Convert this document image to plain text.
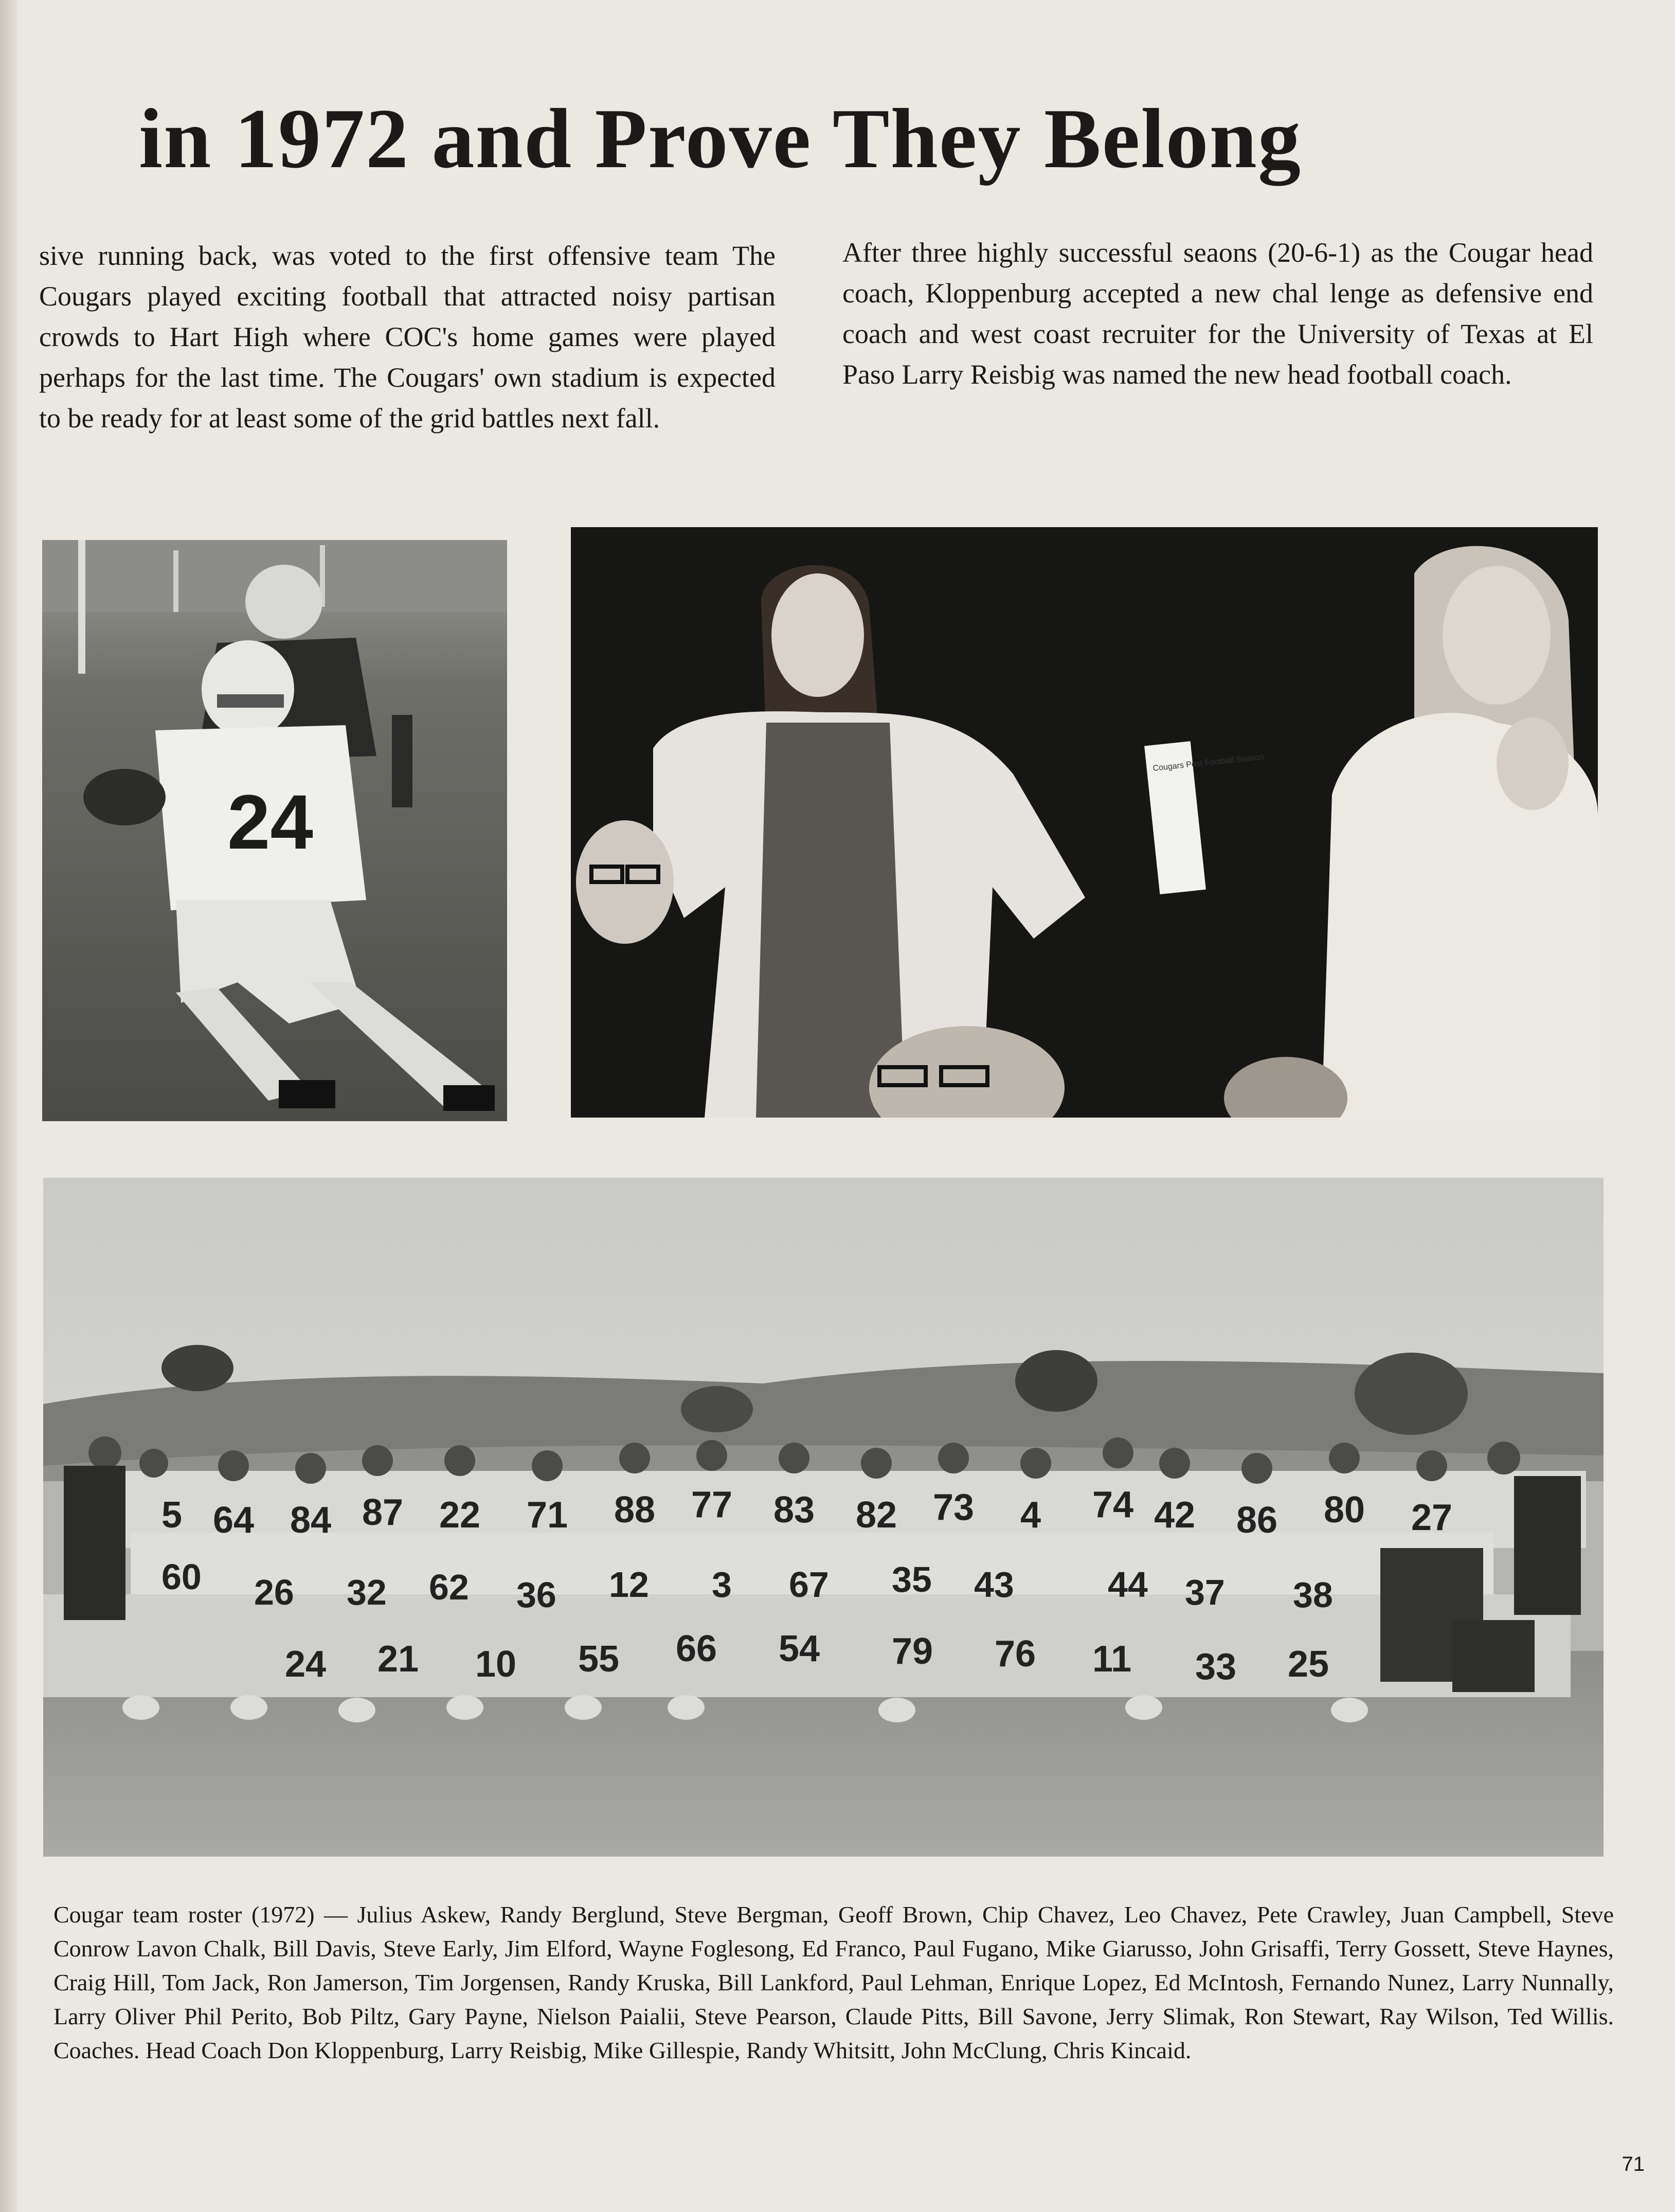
in 1972 and Prove They Belong

sive running back, was voted to the first offensive team The Cougars played exciting football that attracted noisy partisan crowds to Hart High where COC's home games were played perhaps for the last time. The Cougars' own stadium is expected to be ready for at least some of the grid battles next fall.

After three highly successful seaons (20-6-1) as the Cougar head coach, Kloppenburg accepted a new chal lenge as defensive end coach and west coast recruiter for the University of Texas at El Paso Larry Reisbig was named the new head football coach.

24
Cougars Post Football Season
5 64 84 87 22 71 88 77 83 82 73 4 74 42 86 80 27
60 26 32 62 36 12 3 67 35 43	44 37 38
24 21 10 55 66 54 79 76 11 33 25

Cougar team roster (1972) — Julius Askew, Randy Berglund, Steve Bergman, Geoff Brown, Chip Chavez, Leo Chavez, Pete Crawley, Juan Campbell, Steve Conrow Lavon Chalk, Bill Davis, Steve Early, Jim Elford, Wayne Foglesong, Ed Franco, Paul Fugano, Mike Giarusso, John Grisaffi, Terry Gossett, Steve Haynes, Craig Hill, Tom Jack, Ron Jamerson, Tim Jorgensen, Randy Kruska, Bill Lankford, Paul Lehman, Enrique Lopez, Ed McIntosh, Fernando Nunez, Larry Nunnally, Larry Oliver Phil Perito, Bob Piltz, Gary Payne, Nielson Paialii, Steve Pearson, Claude Pitts, Bill Savone, Jerry Slimak, Ron Stewart, Ray Wilson, Ted Willis. Coaches. Head Coach Don Kloppenburg, Larry Reisbig, Mike Gillespie, Randy Whitsitt, John McClung, Chris Kincaid.

71
